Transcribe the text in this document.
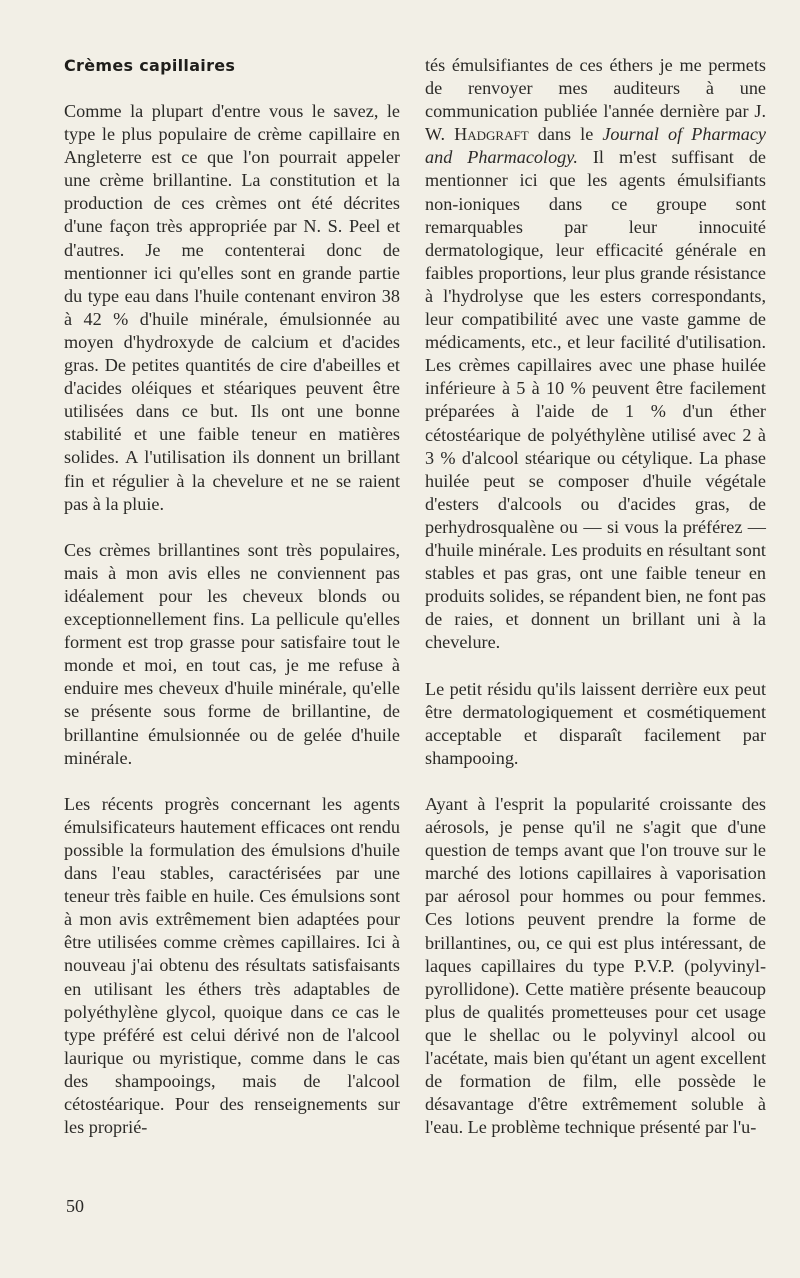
Crèmes capillaires

Comme la plupart d'entre vous le savez, le type le plus populaire de crème capillaire en Angleterre est ce que l'on pourrait appeler une crème brillantine. La constitution et la production de ces crèmes ont été décrites d'une façon très appropriée par N. S. Peel et d'autres. Je me contenterai donc de mentionner ici qu'elles sont en grande partie du type eau dans l'huile contenant environ 38 à 42 % d'huile minérale, émulsionnée au moyen d'hydroxyde de calcium et d'acides gras. De petites quantités de cire d'abeilles et d'acides oléiques et stéariques peuvent être utilisées dans ce but. Ils ont une bonne stabilité et une faible teneur en matières solides. A l'utilisation ils donnent un brillant fin et régulier à la chevelure et ne se raient pas à la pluie.

Ces crèmes brillantines sont très populaires, mais à mon avis elles ne conviennent pas idéalement pour les cheveux blonds ou exceptionnellement fins. La pellicule qu'elles forment est trop grasse pour satisfaire tout le monde et moi, en tout cas, je me refuse à enduire mes cheveux d'huile minérale, qu'elle se présente sous forme de brillantine, de brillantine émulsionnée ou de gelée d'huile minérale.

Les récents progrès concernant les agents émulsificateurs hautement efficaces ont rendu possible la formulation des émulsions d'huile dans l'eau stables, caractérisées par une teneur très faible en huile. Ces émulsions sont à mon avis extrêmement bien adaptées pour être utilisées comme crèmes capillaires. Ici à nouveau j'ai obtenu des résultats satisfaisants en utilisant les éthers très adaptables de polyéthylène glycol, quoique dans ce cas le type préféré est celui dérivé non de l'alcool laurique ou myristique, comme dans le cas des shampooings, mais de l'alcool cétostéarique. Pour des renseignements sur les proprié-

tés émulsifiantes de ces éthers je me permets de renvoyer mes auditeurs à une communication publiée l'année dernière par J. W. Hadgraft dans le Journal of Pharmacy and Pharmacology. Il m'est suffisant de mentionner ici que les agents émulsifiants non-ioniques dans ce groupe sont remarquables par leur innocuité dermatologique, leur efficacité générale en faibles proportions, leur plus grande résistance à l'hydrolyse que les esters correspondants, leur compatibilité avec une vaste gamme de médicaments, etc., et leur facilité d'utilisation. Les crèmes capillaires avec une phase huilée inférieure à 5 à 10 % peuvent être facilement préparées à l'aide de 1 % d'un éther cétostéarique de polyéthylène utilisé avec 2 à 3 % d'alcool stéarique ou cétylique. La phase huilée peut se composer d'huile végétale d'esters d'alcools ou d'acides gras, de perhydrosqualène ou — si vous la préférez — d'huile minérale. Les produits en résultant sont stables et pas gras, ont une faible teneur en produits solides, se répandent bien, ne font pas de raies, et donnent un brillant uni à la chevelure.

Le petit résidu qu'ils laissent derrière eux peut être dermatologiquement et cosmétiquement acceptable et disparaît facilement par shampooing.

Ayant à l'esprit la popularité croissante des aérosols, je pense qu'il ne s'agit que d'une question de temps avant que l'on trouve sur le marché des lotions capillaires à vaporisation par aérosol pour hommes ou pour femmes. Ces lotions peuvent prendre la forme de brillantines, ou, ce qui est plus intéressant, de laques capillaires du type P.V.P. (polyvinyl-pyrollidone). Cette matière présente beaucoup plus de qualités prometteuses pour cet usage que le shellac ou le polyvinyl alcool ou l'acétate, mais bien qu'étant un agent excellent de formation de film, elle possède le désavantage d'être extrêmement soluble à l'eau. Le problème technique présenté par l'u-

50
